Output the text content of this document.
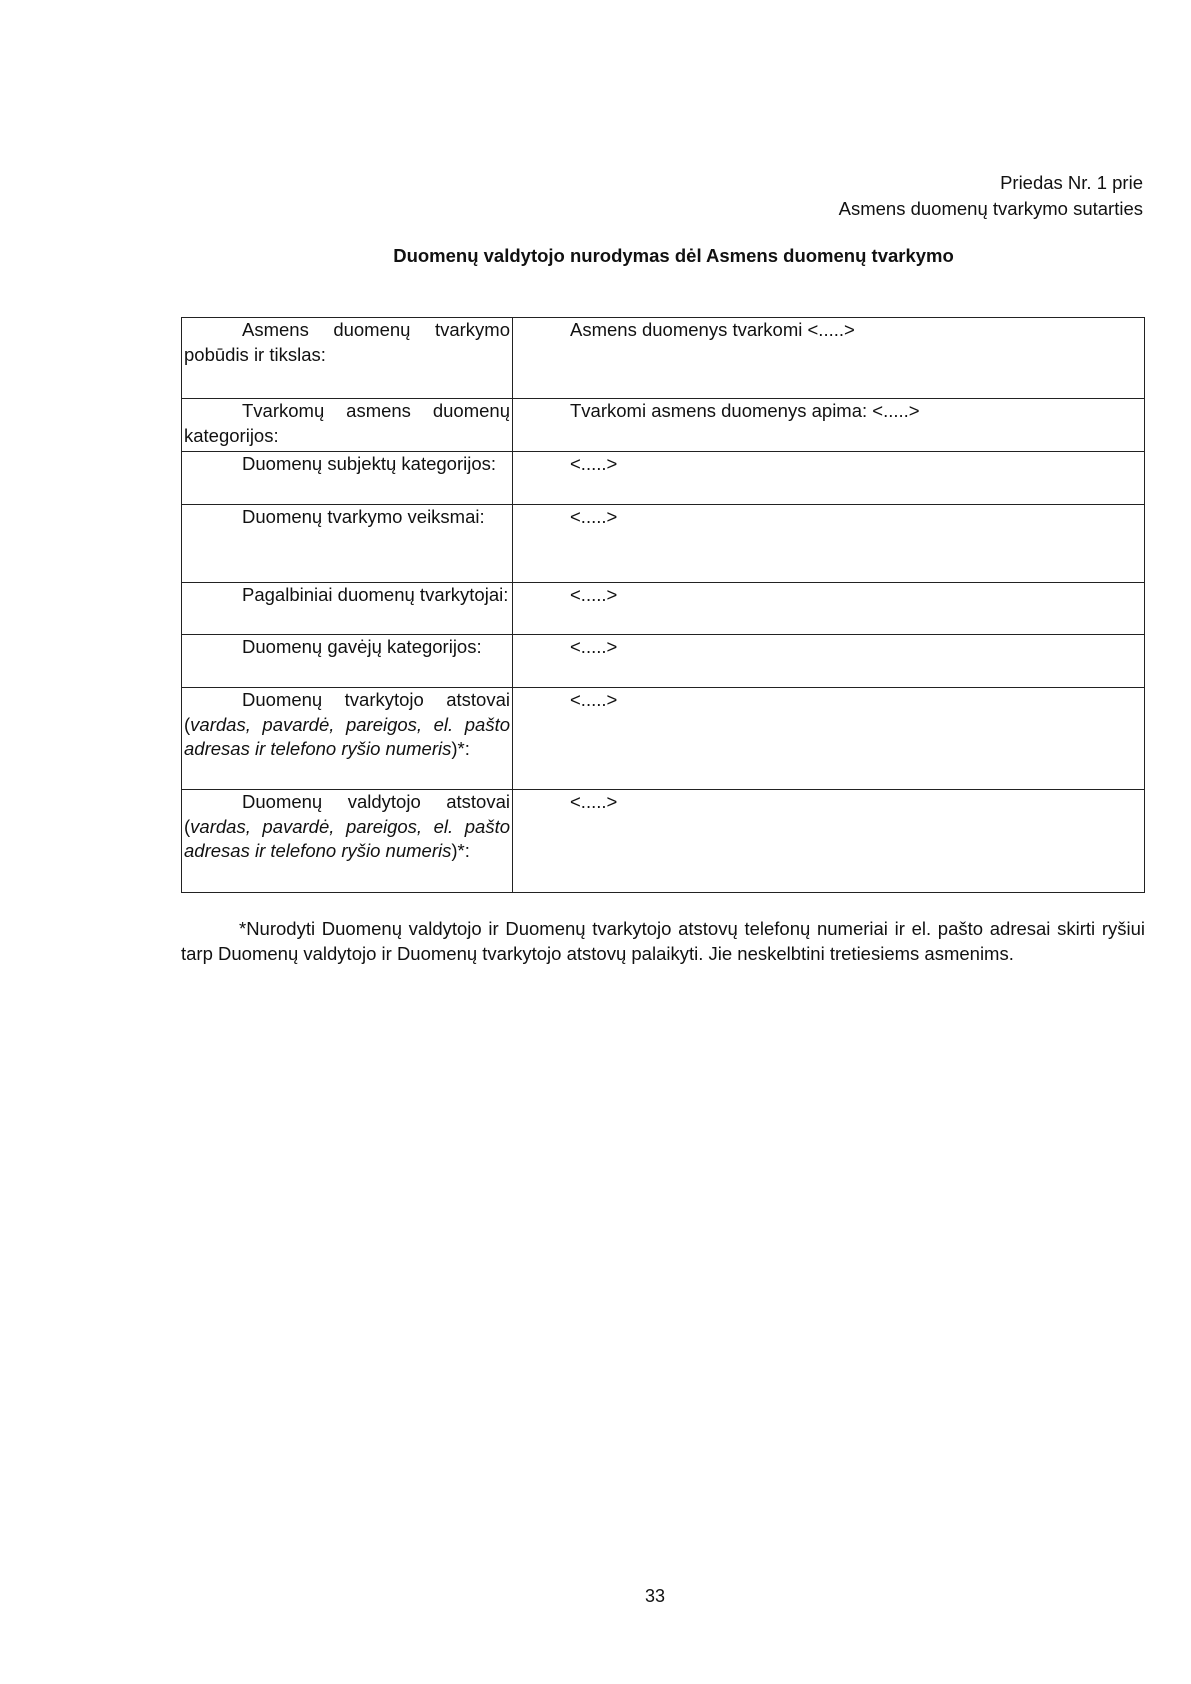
Priedas Nr. 1 prie
Asmens duomenų tvarkymo sutarties
Duomenų valdytojo nurodymas dėl Asmens duomenų tvarkymo
Asmens duomenų tvarkymo pobūdis ir tikslas:	Asmens duomenys tvarkomi <.....>

Tvarkomų asmens duomenų kategorijos:	Tvarkomi asmens duomenys apima: <.....>

Duomenų subjektų kategorijos:	<.....>

Duomenų tvarkymo veiksmai:	<.....>

Pagalbiniai duomenų tvarkytojai:	<.....>

Duomenų gavėjų kategorijos:	<.....>

Duomenų tvarkytojo atstovai (vardas, pavardė, pareigos, el. pašto adresas ir telefono ryšio numeris)*:	<.....>

Duomenų valdytojo atstovai (vardas, pavardė, pareigos, el. pašto adresas ir telefono ryšio numeris)*:	<.....>
*Nurodyti Duomenų valdytojo ir Duomenų tvarkytojo atstovų telefonų numeriai ir el. pašto adresai skirti ryšiui tarp Duomenų valdytojo ir Duomenų tvarkytojo atstovų palaikyti. Jie neskelbtini tretiesiems asmenims.
33
